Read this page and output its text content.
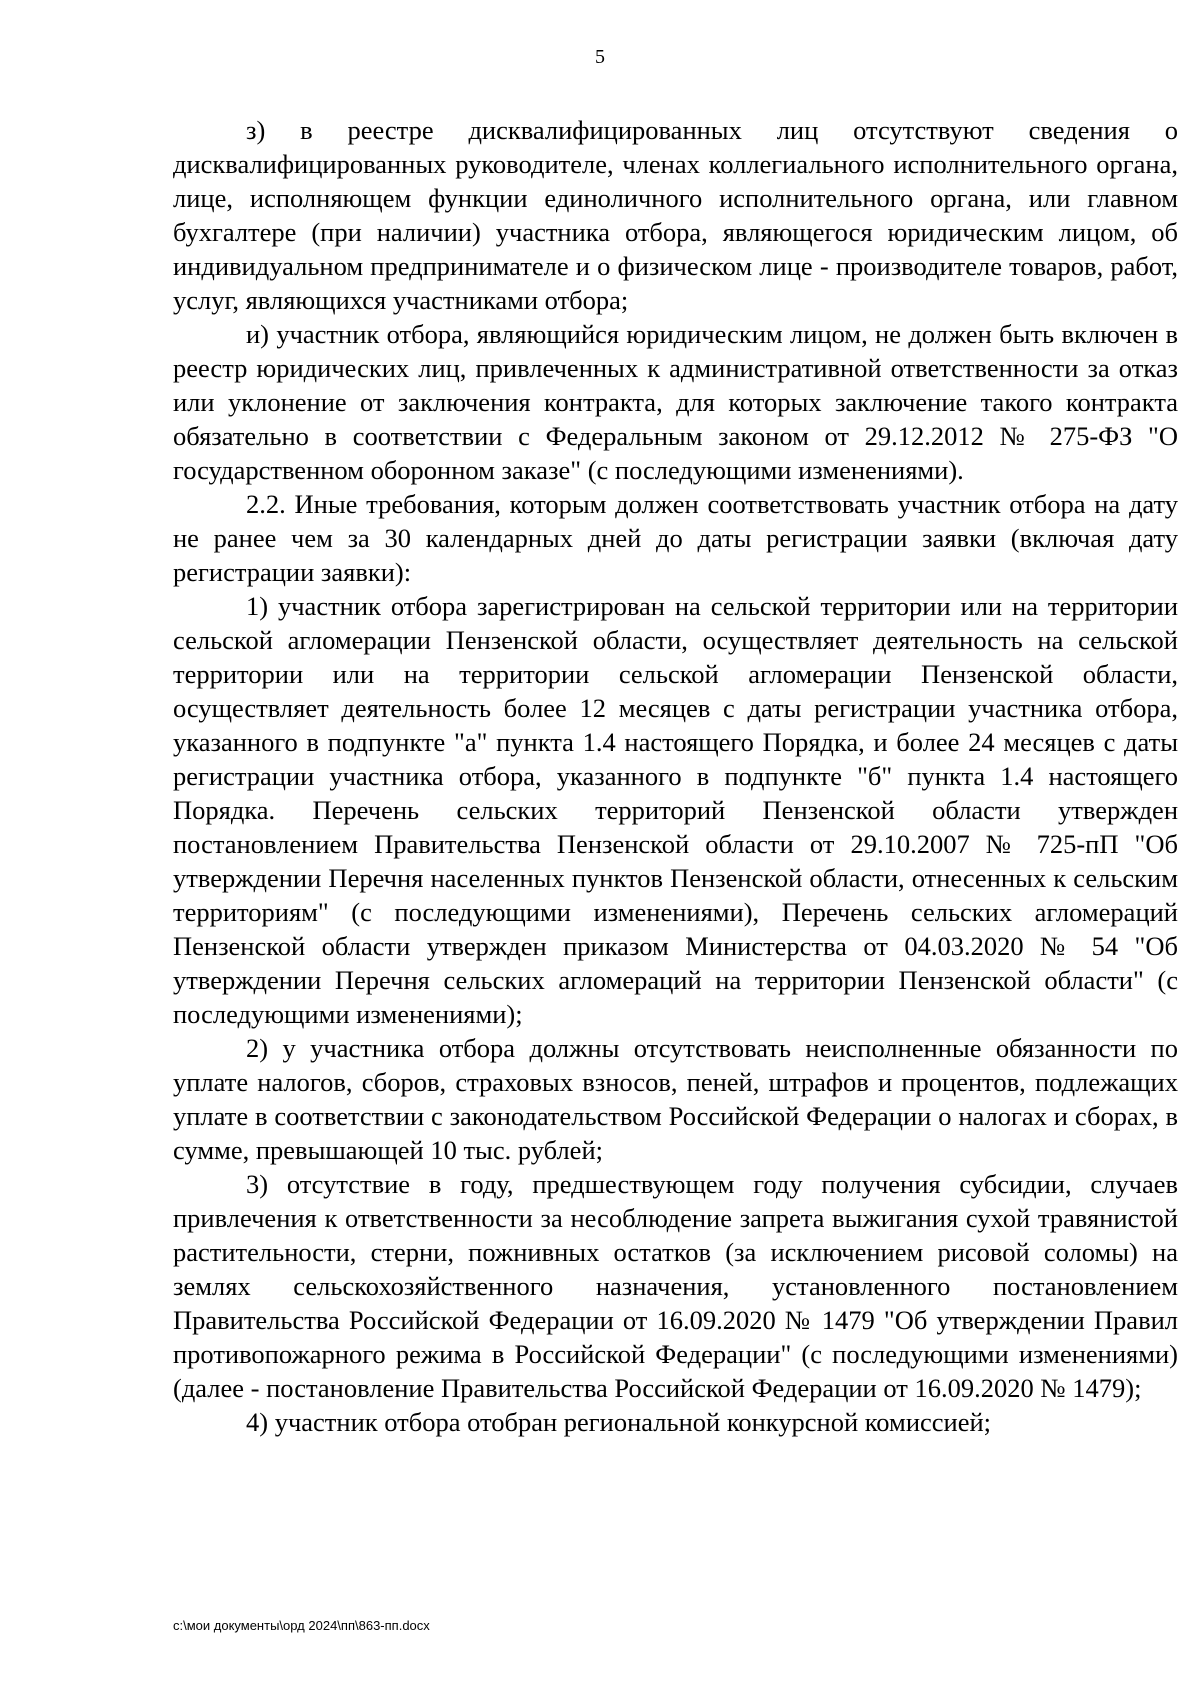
5

з) в реестре дисквалифицированных лиц отсутствуют сведения о дисквалифицированных руководителе, членах коллегиального исполнительного органа, лице, исполняющем функции единоличного исполнительного органа, или главном бухгалтере (при наличии) участника отбора, являющегося юридическим лицом, об индивидуальном предпринимателе и о физическом лице - производителе товаров, работ, услуг, являющихся участниками отбора;

и) участник отбора, являющийся юридическим лицом, не должен быть включен в реестр юридических лиц, привлеченных к административной ответственности за отказ или уклонение от заключения контракта, для которых заключение такого контракта обязательно в соответствии с Федеральным законом от 29.12.2012 № 275-ФЗ "О государственном оборонном заказе" (с последующими изменениями).

2.2. Иные требования, которым должен соответствовать участник отбора на дату не ранее чем за 30 календарных дней до даты регистрации заявки (включая дату регистрации заявки):

1) участник отбора зарегистрирован на сельской территории или на территории сельской агломерации Пензенской области, осуществляет деятельность на сельской территории или на территории сельской агломерации Пензенской области, осуществляет деятельность более 12 месяцев с даты регистрации участника отбора, указанного в подпункте "а" пункта 1.4 настоящего Порядка, и более 24 месяцев с даты регистрации участника отбора, указанного в подпункте "б" пункта 1.4 настоящего Порядка. Перечень сельских территорий Пензенской области утвержден постановлением Правительства Пензенской области от 29.10.2007 № 725-пП "Об утверждении Перечня населенных пунктов Пензенской области, отнесенных к сельским территориям" (с последующими изменениями), Перечень сельских агломераций Пензенской области утвержден приказом Министерства от 04.03.2020 № 54 "Об утверждении Перечня сельских агломераций на территории Пензенской области" (с последующими изменениями);

2) у участника отбора должны отсутствовать неисполненные обязанности по уплате налогов, сборов, страховых взносов, пеней, штрафов и процентов, подлежащих уплате в соответствии с законодательством Российской Федерации о налогах и сборах, в сумме, превышающей 10 тыс. рублей;

3) отсутствие в году, предшествующем году получения субсидии, случаев привлечения к ответственности за несоблюдение запрета выжигания сухой травянистой растительности, стерни, пожнивных остатков (за исключением рисовой соломы) на землях сельскохозяйственного назначения, установленного постановлением Правительства Российской Федерации от 16.09.2020 № 1479 "Об утверждении Правил противопожарного режима в Российской Федерации" (с последующими изменениями) (далее - постановление Правительства Российской Федерации от 16.09.2020 № 1479);

4) участник отбора отобран региональной конкурсной комиссией;

c:\мои документы\орд 2024\пп\863-пп.docx
